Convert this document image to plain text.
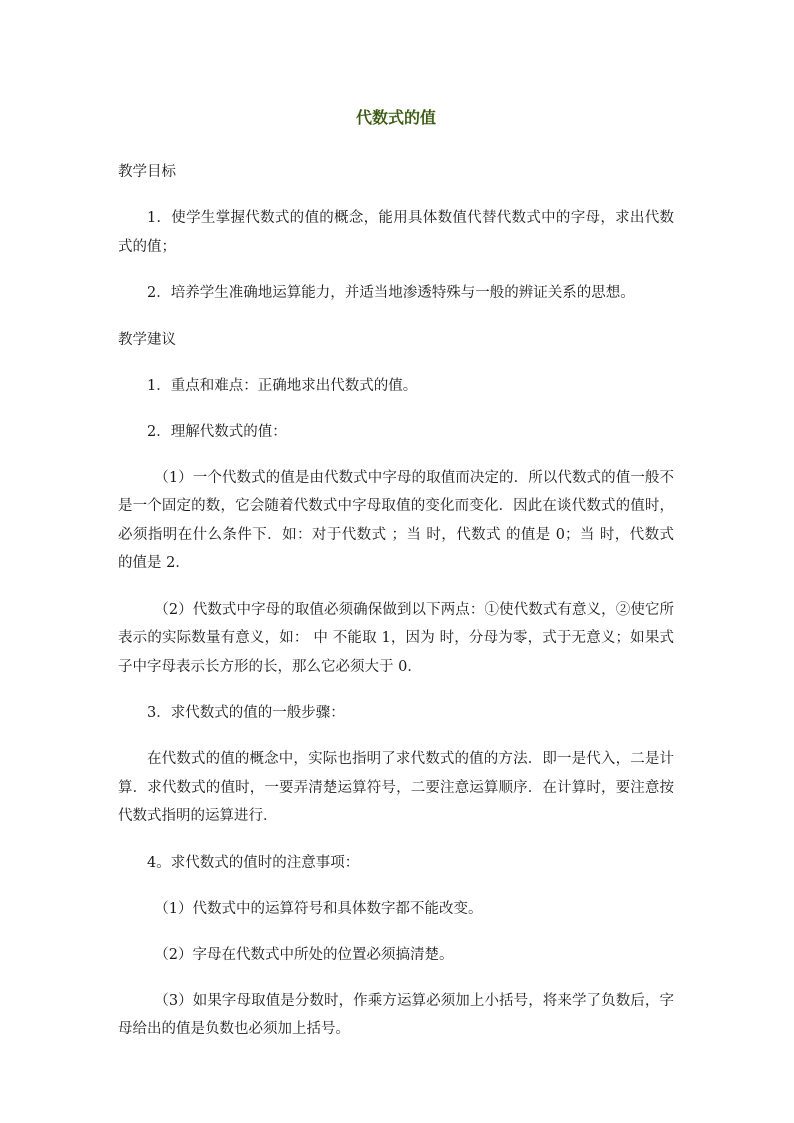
代数式的值
教学目标
1．使学生掌握代数式的值的概念，能用具体数值代替代数式中的字母，求出代数式的值；
2．培养学生准确地运算能力，并适当地渗透特殊与一般的辨证关系的思想。
教学建议
1．重点和难点：正确地求出代数式的值。
2．理解代数式的值：
（1）一个代数式的值是由代数式中字母的取值而决定的．所以代数式的值一般不是一个固定的数，它会随着代数式中字母取值的变化而变化．因此在谈代数式的值时，必须指明在什么条件下．如：对于代数式 ；当 时，代数式 的值是 0；当 时，代数式 的值是 2．
（2）代数式中字母的取值必须确保做到以下两点：①使代数式有意义，②使它所表示的实际数量有意义，如： 中 不能取 1，因为 时，分母为零，式于无意义；如果式子中字母表示长方形的长，那么它必须大于 0．
3．求代数式的值的一般步骤：
在代数式的值的概念中，实际也指明了求代数式的值的方法．即一是代入，二是计算．求代数式的值时，一要弄清楚运算符号，二要注意运算顺序．在计算时，要注意按代数式指明的运算进行．
4。求代数式的值时的注意事项：
（1）代数式中的运算符号和具体数字都不能改变。
（2）字母在代数式中所处的位置必须搞清楚。
（3）如果字母取值是分数时，作乘方运算必须加上小括号，将来学了负数后，字母给出的值是负数也必须加上括号。
